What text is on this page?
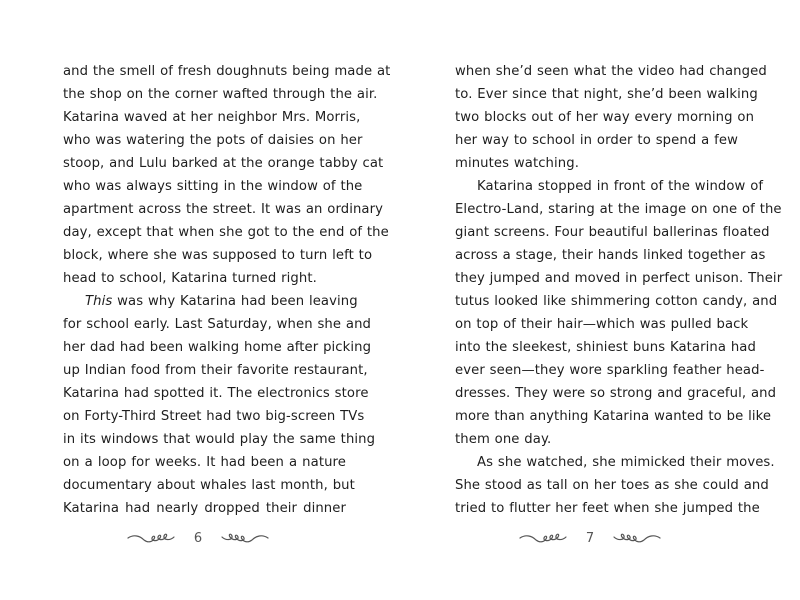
and the smell of fresh doughnuts being made at
the shop on the corner wafted through the air.
Katarina waved at her neighbor Mrs. Morris,
who was watering the pots of daisies on her
stoop, and Lulu barked at the orange tabby cat
who was always sitting in the window of the
apartment across the street. It was an ordinary
day, except that when she got to the end of the
block, where she was supposed to turn left to
head to school, Katarina turned right.
This was why Katarina had been leaving
for school early. Last Saturday, when she and
her dad had been walking home after picking
up Indian food from their favorite restaurant,
Katarina had spotted it. The electronics store
on Forty-Third Street had two big-screen TVs
in its windows that would play the same thing
on a loop for weeks. It had been a nature
documentary about whales last month, but
Katarina had nearly dropped their dinner
6
when she’d seen what the video had changed
to. Ever since that night, she’d been walking
two blocks out of her way every morning on
her way to school in order to spend a few
minutes watching.
Katarina stopped in front of the window of
Electro-Land, staring at the image on one of the
giant screens. Four beautiful ballerinas floated
across a stage, their hands linked together as
they jumped and moved in perfect unison. Their
tutus looked like shimmering cotton candy, and
on top of their hair—which was pulled back
into the sleekest, shiniest buns Katarina had
ever seen—they wore sparkling feather head-
dresses. They were so strong and graceful, and
more than anything Katarina wanted to be like
them one day.
As she watched, she mimicked their moves.
She stood as tall on her toes as she could and
tried to flutter her feet when she jumped the
7
